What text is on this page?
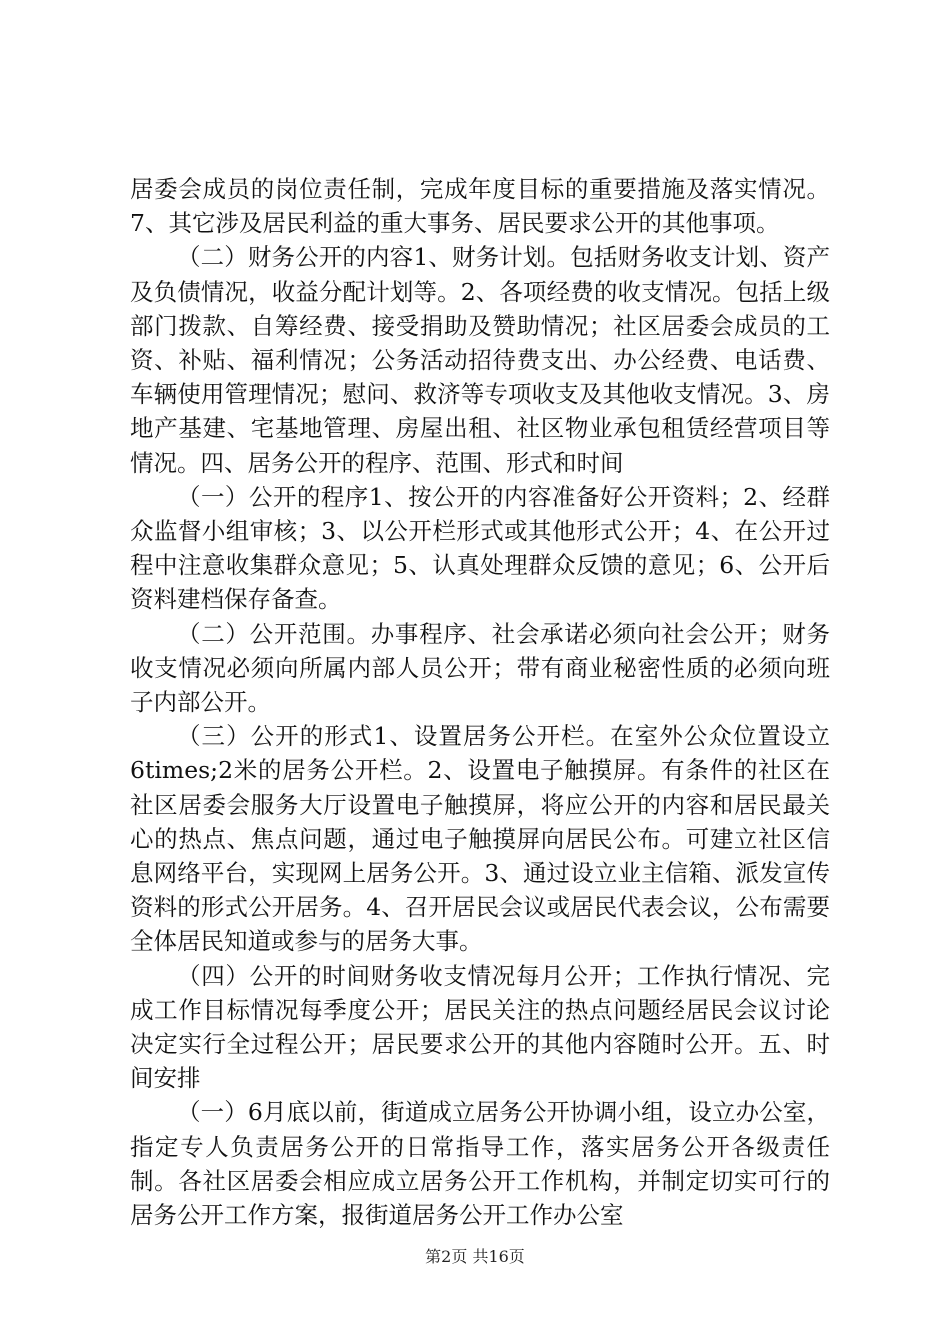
居委会成员的岗位责任制，完成年度目标的重要措施及落实情况。7、其它涉及居民利益的重大事务、居民要求公开的其他事项。

（二）财务公开的内容1、财务计划。包括财务收支计划、资产及负债情况，收益分配计划等。2、各项经费的收支情况。包括上级部门拨款、自筹经费、接受捐助及赞助情况；社区居委会成员的工资、补贴、福利情况；公务活动招待费支出、办公经费、电话费、车辆使用管理情况；慰问、救济等专项收支及其他收支情况。3、房地产基建、宅基地管理、房屋出租、社区物业承包租赁经营项目等情况。四、居务公开的程序、范围、形式和时间

（一）公开的程序1、按公开的内容准备好公开资料；2、经群众监督小组审核；3、以公开栏形式或其他形式公开；4、在公开过程中注意收集群众意见；5、认真处理群众反馈的意见；6、公开后资料建档保存备查。

（二）公开范围。办事程序、社会承诺必须向社会公开；财务收支情况必须向所属内部人员公开；带有商业秘密性质的必须向班子内部公开。

（三）公开的形式1、设置居务公开栏。在室外公众位置设立6times;2米的居务公开栏。2、设置电子触摸屏。有条件的社区在社区居委会服务大厅设置电子触摸屏，将应公开的内容和居民最关心的热点、焦点问题，通过电子触摸屏向居民公布。可建立社区信息网络平台，实现网上居务公开。3、通过设立业主信箱、派发宣传资料的形式公开居务。4、召开居民会议或居民代表会议，公布需要全体居民知道或参与的居务大事。

（四）公开的时间财务收支情况每月公开；工作执行情况、完成工作目标情况每季度公开；居民关注的热点问题经居民会议讨论决定实行全过程公开；居民要求公开的其他内容随时公开。五、时间安排

（一）6月底以前，街道成立居务公开协调小组，设立办公室，指定专人负责居务公开的日常指导工作，落实居务公开各级责任制。各社区居委会相应成立居务公开工作机构，并制定切实可行的居务公开工作方案，报街道居务公开工作办公室

第2页 共16页
